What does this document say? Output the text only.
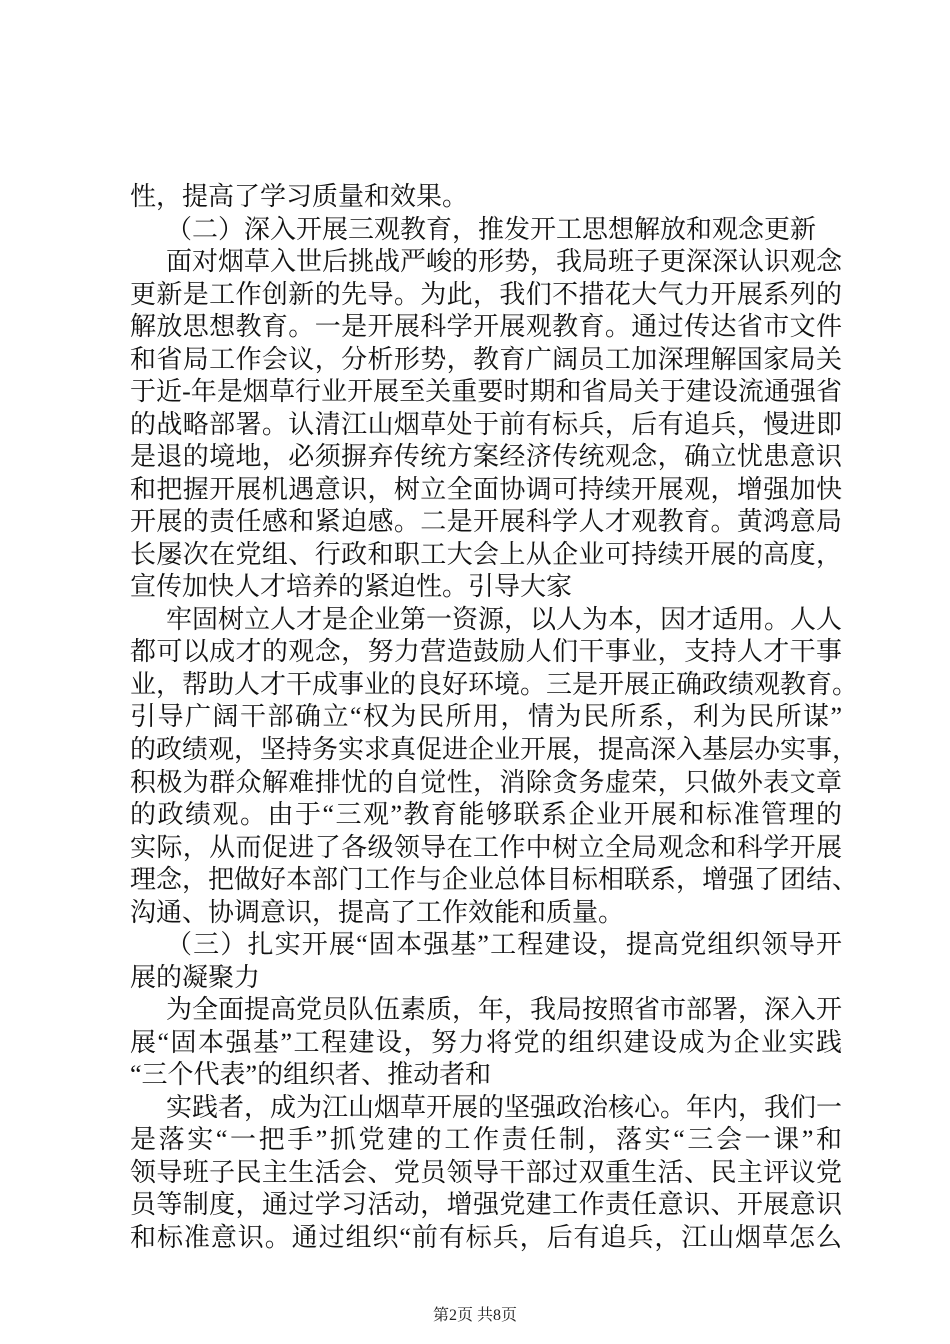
性，提高了学习质量和效果。
（二）深入开展三观教育，推发开工思想解放和观念更新
面对烟草入世后挑战严峻的形势，我局班子更深深认识观念
更新是工作创新的先导。为此，我们不措花大气力开展系列的
解放思想教育。一是开展科学开展观教育。通过传达省市文件
和省局工作会议，分析形势，教育广阔员工加深理解国家局关
于近-年是烟草行业开展至关重要时期和省局关于建设流通强省
的战略部署。认清江山烟草处于前有标兵，后有追兵，慢进即
是退的境地，必须摒弃传统方案经济传统观念，确立忧患意识
和把握开展机遇意识，树立全面协调可持续开展观，增强加快
开展的责任感和紧迫感。二是开展科学人才观教育。黄鸿意局
长屡次在党组、行政和职工大会上从企业可持续开展的高度，
宣传加快人才培养的紧迫性。引导大家
牢固树立人才是企业第一资源，以人为本，因才适用。人人
都可以成才的观念，努力营造鼓励人们干事业，支持人才干事
业，帮助人才干成事业的良好环境。三是开展正确政绩观教育。
引导广阔干部确立“权为民所用，情为民所系，利为民所谋”
的政绩观，坚持务实求真促进企业开展，提高深入基层办实事，
积极为群众解难排忧的自觉性，消除贪务虚荣，只做外表文章
的政绩观。由于“三观”教育能够联系企业开展和标准管理的
实际，从而促进了各级领导在工作中树立全局观念和科学开展
理念，把做好本部门工作与企业总体目标相联系，增强了团结、
沟通、协调意识，提高了工作效能和质量。
（三）扎实开展“固本强基”工程建设，提高党组织领导开
展的凝聚力
为全面提高党员队伍素质，年，我局按照省市部署，深入开
展“固本强基”工程建设，努力将党的组织建设成为企业实践
“三个代表”的组织者、推动者和
实践者，成为江山烟草开展的坚强政治核心。年内，我们一
是落实“一把手”抓党建的工作责任制，落实“三会一课”和
领导班子民主生活会、党员领导干部过双重生活、民主评议党
员等制度，通过学习活动，增强党建工作责任意识、开展意识
和标准意识。通过组织“前有标兵，后有追兵，江山烟草怎么
第2页 共8页
